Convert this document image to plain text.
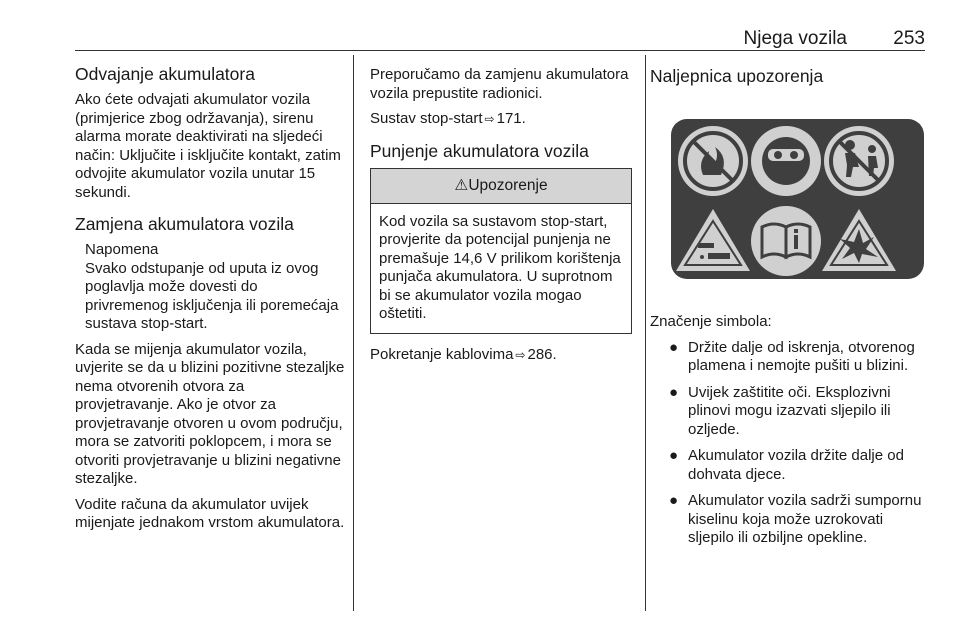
Njega vozila 253
Odvajanje akumulatora

Ako ćete odvajati akumulator vozila (primjerice zbog održavanja), sirenu alarma morate deaktivirati na sljedeći način: Uključite i isključite kontakt, zatim odvojite akumulator vozila unutar 15 sekundi.

Zamjena akumulatora vozila
Napomena

Svako odstupanje od uputa iz ovog poglavlja može dovesti do privremenog isključenja ili poremećaja sustava stop-start.

Kada se mijenja akumulator vozila, uvjerite se da u blizini pozitivne stezaljke nema otvorenih otvora za provjetravanje. Ako je otvor za provjetravanje otvoren u ovom području, mora se zatvoriti poklopcem, i mora se otvoriti provjetravanje u blizini negativne stezaljke.

Vodite računa da akumulator uvijek mijenjate jednakom vrstom akumulatora.

Preporučamo da zamjenu akumulatora vozila prepustite radionici.

Sustav stop-start ⇨ 171.

Punjenje akumulatora vozila
⚠Upozorenje

Kod vozila sa sustavom stop-start, provjerite da potencijal punjenja ne premašuje 14,6 V prilikom korištenja punjača akumulatora. U suprotnom bi se akumulator vozila mogao oštetiti.

Pokretanje kablovima ⇨ 286.

Naljepnica upozorenja

Značenje simbola:

● Držite dalje od iskrenja, otvorenog plamena i nemojte pušiti u blizini.
● Uvijek zaštitite oči. Eksplozivni plinovi mogu izazvati sljepilo ili ozljede.
● Akumulator vozila držite dalje od dohvata djece.
● Akumulator vozila sadrži sumpornu kiselinu koja može uzrokovati sljepilo ili ozbiljne opekline.
